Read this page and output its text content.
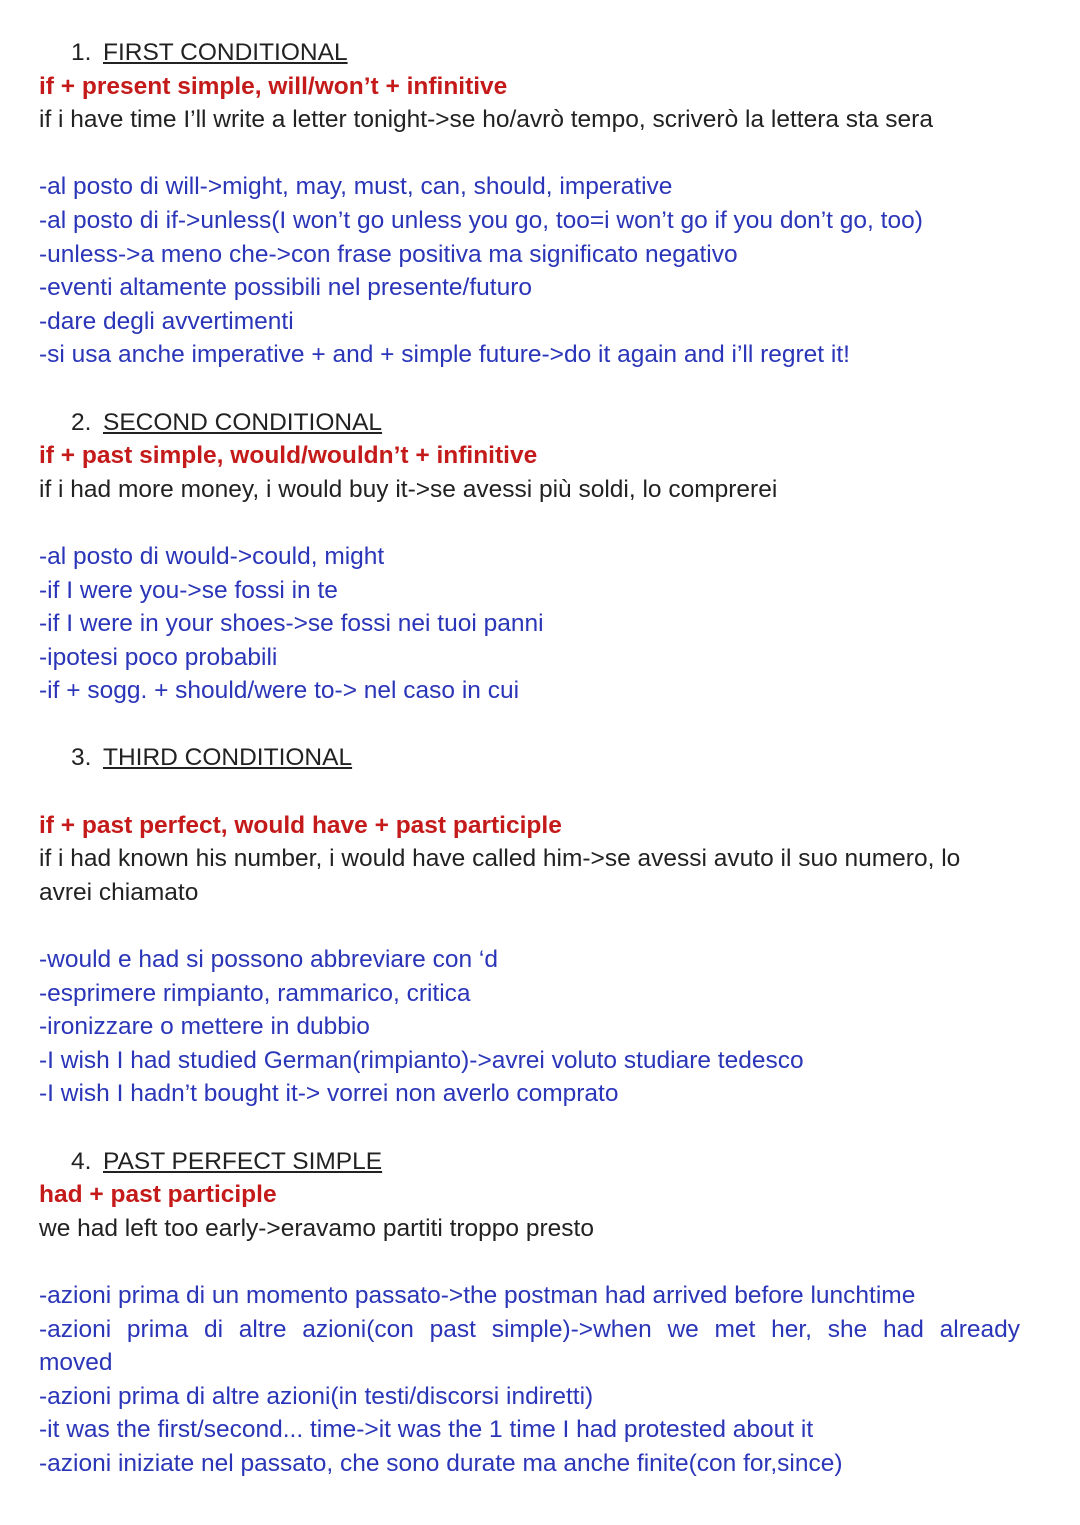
1. FIRST CONDITIONAL
if + present simple, will/won’t + infinitive
if i have time I’ll write a letter tonight->se ho/avrò tempo, scriverò la lettera sta sera
-al posto di will->might, may, must, can, should, imperative
-al posto di if->unless(I won’t go unless you go, too=i won’t go if you don’t go, too)
-unless->a meno che->con frase positiva ma significato negativo
-eventi altamente possibili nel presente/futuro
-dare degli avvertimenti
-si usa anche imperative + and + simple future->do it again and i’ll regret it!
2. SECOND CONDITIONAL
if + past simple, would/wouldn’t + infinitive
if i had more money, i would buy it->se avessi più soldi, lo comprerei
-al posto di would->could, might
-if I were you->se fossi in te
-if I were in your shoes->se fossi nei tuoi panni
-ipotesi poco probabili
-if + sogg. + should/were to-> nel caso in cui
3. THIRD CONDITIONAL
if + past perfect, would have + past participle
if i had known his number, i would have called him->se avessi avuto il suo numero, lo
avrei chiamato
-would e had si possono abbreviare con ‘d
-esprimere rimpianto, rammarico, critica
-ironizzare o mettere in dubbio
-I wish I had studied German(rimpianto)->avrei voluto studiare tedesco
-I wish I hadn’t bought it-> vorrei non averlo comprato
4. PAST PERFECT SIMPLE
had + past participle
we had left too early->eravamo partiti troppo presto
-azioni prima di un momento passato->the postman had arrived before lunchtime
-azioni prima di altre azioni(con past simple)->when we met her, she had already
moved
-azioni prima di altre azioni(in testi/discorsi indiretti)
-it was the first/second... time->it was the 1 time I had protested about it
-azioni iniziate nel passato, che sono durate ma anche finite(con for,since)
